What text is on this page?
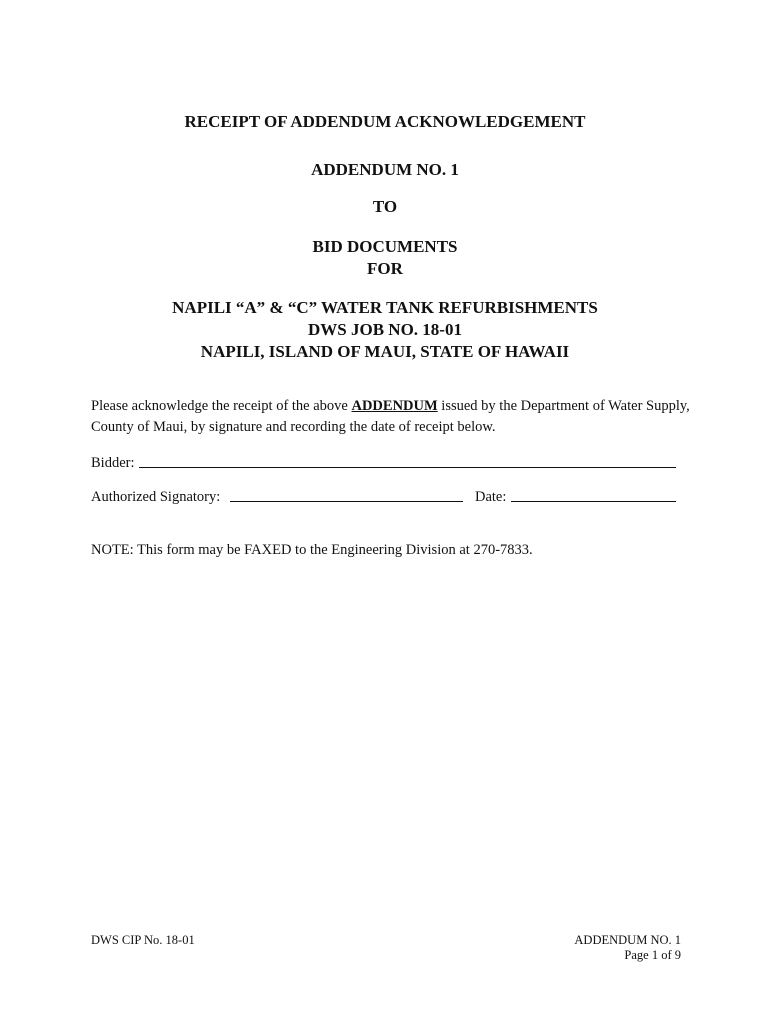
RECEIPT OF ADDENDUM ACKNOWLEDGEMENT
ADDENDUM NO. 1
TO
BID DOCUMENTS
FOR
NAPILI “A” & “C” WATER TANK REFURBISHMENTS
DWS JOB NO. 18-01
NAPILI, ISLAND OF MAUI, STATE OF HAWAII
Please acknowledge the receipt of the above ADDENDUM issued by the Department of Water Supply, County of Maui, by signature and recording the date of receipt below.
Bidder:
Authorized Signatory:	Date:
NOTE: This form may be FAXED to the Engineering Division at 270-7833.
DWS CIP No. 18-01	ADDENDUM NO. 1
Page 1 of 9
